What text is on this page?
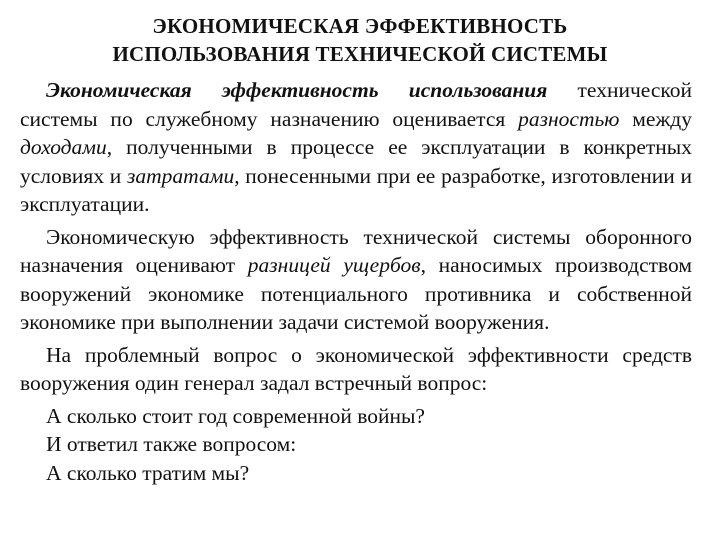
ЭКОНОМИЧЕСКАЯ ЭФФЕКТИВНОСТЬ
ИСПОЛЬЗОВАНИЯ ТЕХНИЧЕСКОЙ СИСТЕМЫ

Экономическая эффективность использования технической системы по служебному назначению оценивается разностью между доходами, полученными в процессе ее эксплуатации в конкретных условиях и затратами, понесенными при ее разработке, изготовлении и эксплуатации.

Экономическую эффективность технической системы оборонного назначения оценивают разницей ущербов, наносимых производством вооружений экономике потенциального противника и собственной экономике при выполнении задачи системой вооружения.

На проблемный вопрос о экономической эффективности средств вооружения один генерал задал встречный вопрос:

А сколько стоит год современной войны?

И ответил также вопросом:

А сколько тратим мы?
